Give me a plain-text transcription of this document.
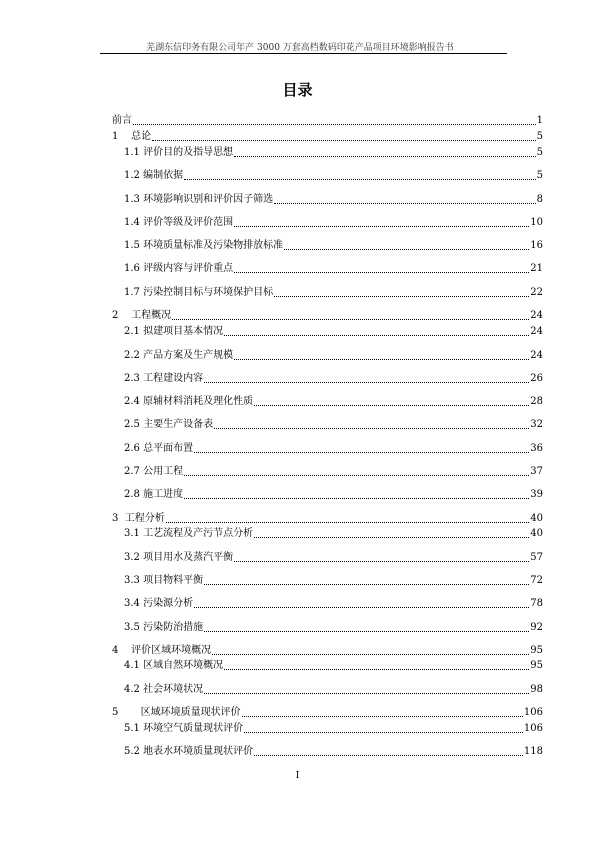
芜湖东信印务有限公司年产 3000 万套高档数码印花产品项目环境影响报告书
目录
前言	1
1    总论	5
1.1 评价目的及指导思想	5
1.2 编制依据	5
1.3 环境影响识别和评价因子筛选	8
1.4 评价等级及评价范围	10
1.5 环境质量标准及污染物排放标准	16
1.6 评级内容与评价重点	21
1.7 污染控制目标与环境保护目标	22
2    工程概况	24
2.1 拟建项目基本情况	24
2.2 产品方案及生产规模	24
2.3 工程建设内容	26
2.4 原辅材料消耗及理化性质	28
2.5 主要生产设备表	32
2.6 总平面布置	36
2.7 公用工程	37
2.8 施工进度	39
3  工程分析	40
3.1 工艺流程及产污节点分析	40
3.2 项目用水及蒸汽平衡	57
3.3 项目物料平衡	72
3.4 污染源分析	78
3.5 污染防治措施	92
4    评价区域环境概况	95
4.1 区域自然环境概况	95
4.2 社会环境状况	98
5       区域环境质量现状评价	106
5.1 环境空气质量现状评价	106
5.2 地表水环境质量现状评价	118
I
